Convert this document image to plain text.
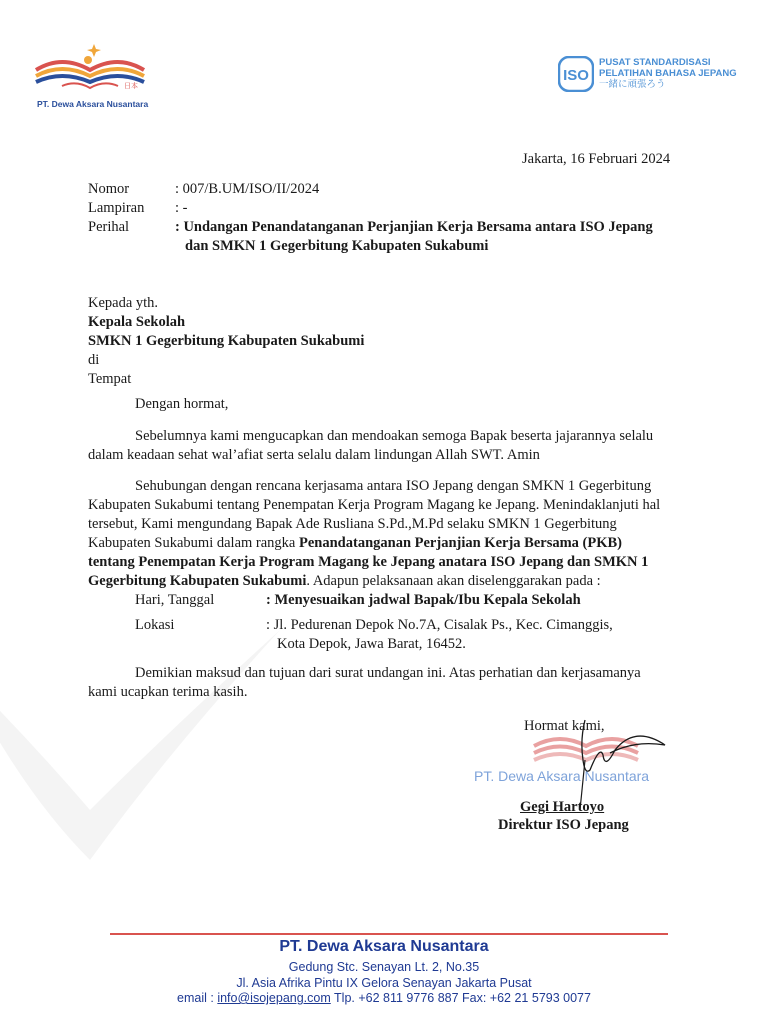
日本
PT. Dewa Aksara Nusantara
ISO
PUSAT STANDARDISASI
PELATIHAN BAHASA JEPANG
一緒に頑張ろう
Jakarta, 16 Februari 2024
Nomor	: 007/B.UM/ISO/II/2024
Lampiran	: -
Perihal	: Undangan Penandatanganan Perjanjian Kerja Bersama antara ISO Jepang
dan SMKN 1 Gegerbitung Kabupaten Sukabumi
Kepada yth.
Kepala Sekolah
SMKN 1 Gegerbitung Kabupaten Sukabumi
di
Tempat
Dengan hormat,
Sebelumnya kami mengucapkan dan mendoakan semoga Bapak beserta jajarannya selalu
dalam keadaan sehat wal’afiat serta selalu dalam lindungan Allah SWT. Amin
Sehubungan dengan rencana kerjasama antara ISO Jepang dengan SMKN 1 Gegerbitung
Kabupaten Sukabumi tentang Penempatan Kerja Program Magang ke Jepang. Menindaklanjuti hal
tersebut, Kami mengundang Bapak Ade Rusliana S.Pd.,M.Pd selaku SMKN 1 Gegerbitung
Kabupaten Sukabumi dalam rangka Penandatanganan Perjanjian Kerja Bersama (PKB)
tentang Penempatan Kerja Program Magang ke Jepang anatara ISO Jepang dan SMKN 1
Gegerbitung Kabupaten Sukabumi. Adapun pelaksanaan akan diselenggarakan pada :
Hari, Tanggal	: Menyesuaikan jadwal Bapak/Ibu Kepala Sekolah
Lokasi	: Jl. Pedurenan Depok No.7A, Cisalak Ps., Kec. Cimanggis,
Kota Depok, Jawa Barat, 16452.
Demikian maksud dan tujuan dari surat undangan ini. Atas perhatian dan kerjasamanya
kami ucapkan terima kasih.
Hormat kami,
PT. Dewa Aksara Nusantara
Gegi Hartoyo
Direktur ISO Jepang
PT. Dewa Aksara Nusantara
Gedung Stc. Senayan Lt. 2, No.35
Jl. Asia Afrika Pintu IX Gelora Senayan Jakarta Pusat
email : info@isojepang.com Tlp. +62 811 9776 887 Fax: +62 21 5793 0077
